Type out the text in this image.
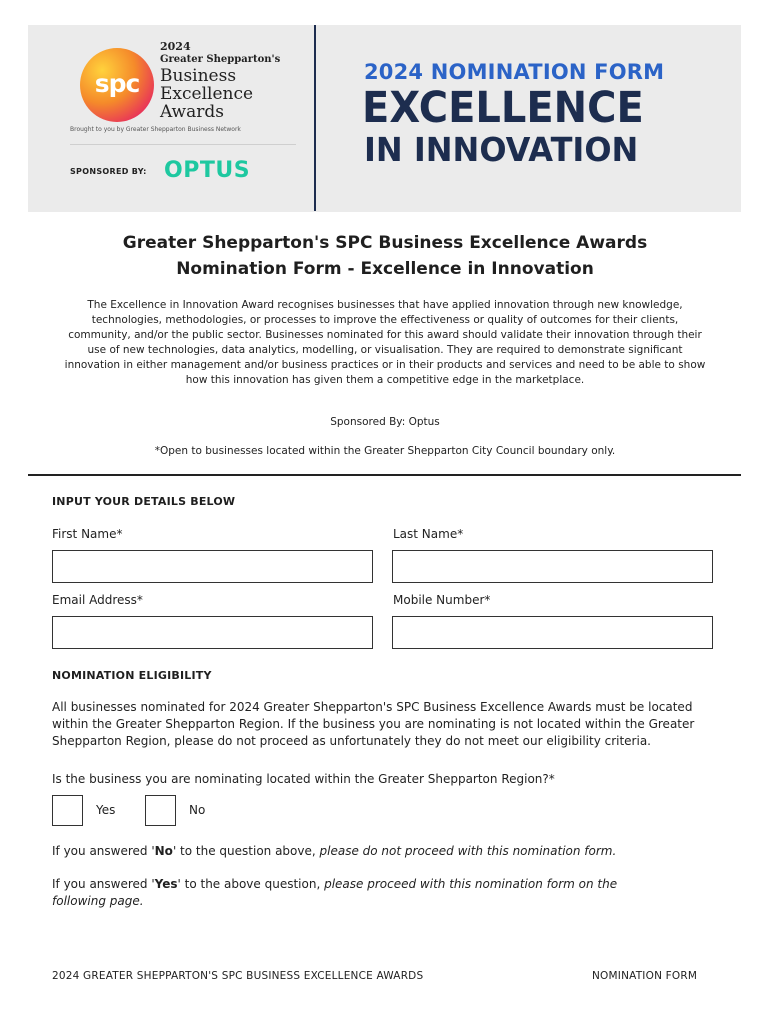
spc
2024
Greater Shepparton's
Business
Excellence
Awards
Brought to you by Greater Shepparton Business Network
SPONSORED BY: OPTUS
2024 NOMINATION FORM
EXCELLENCE
IN INNOVATION
Greater Shepparton's SPC Business Excellence Awards
Nomination Form - Excellence in Innovation
The Excellence in Innovation Award recognises businesses that have applied innovation through new knowledge, technologies, methodologies, or processes to improve the effectiveness or quality of outcomes for their clients, community, and/or the public sector. Businesses nominated for this award should validate their innovation through their use of new technologies, data analytics, modelling, or visualisation. They are required to demonstrate significant innovation in either management and/or business practices or in their products and services and need to be able to show how this innovation has given them a competitive edge in the marketplace.
Sponsored By: Optus
*Open to businesses located within the Greater Shepparton City Council boundary only.
INPUT YOUR DETAILS BELOW
First Name*	Last Name*
Email Address*	Mobile Number*
NOMINATION ELIGIBILITY
All businesses nominated for 2024 Greater Shepparton's SPC Business Excellence Awards must be located within the Greater Shepparton Region. If the business you are nominating is not located within the Greater Shepparton Region, please do not proceed as unfortunately they do not meet our eligibility criteria.
Is the business you are nominating located within the Greater Shepparton Region?*
Yes	No
If you answered 'No' to the question above, please do not proceed with this nomination form.
If you answered 'Yes' to the above question, please proceed with this nomination form on the
following page.
2024 GREATER SHEPPARTON'S SPC BUSINESS EXCELLENCE AWARDS	NOMINATION FORM
